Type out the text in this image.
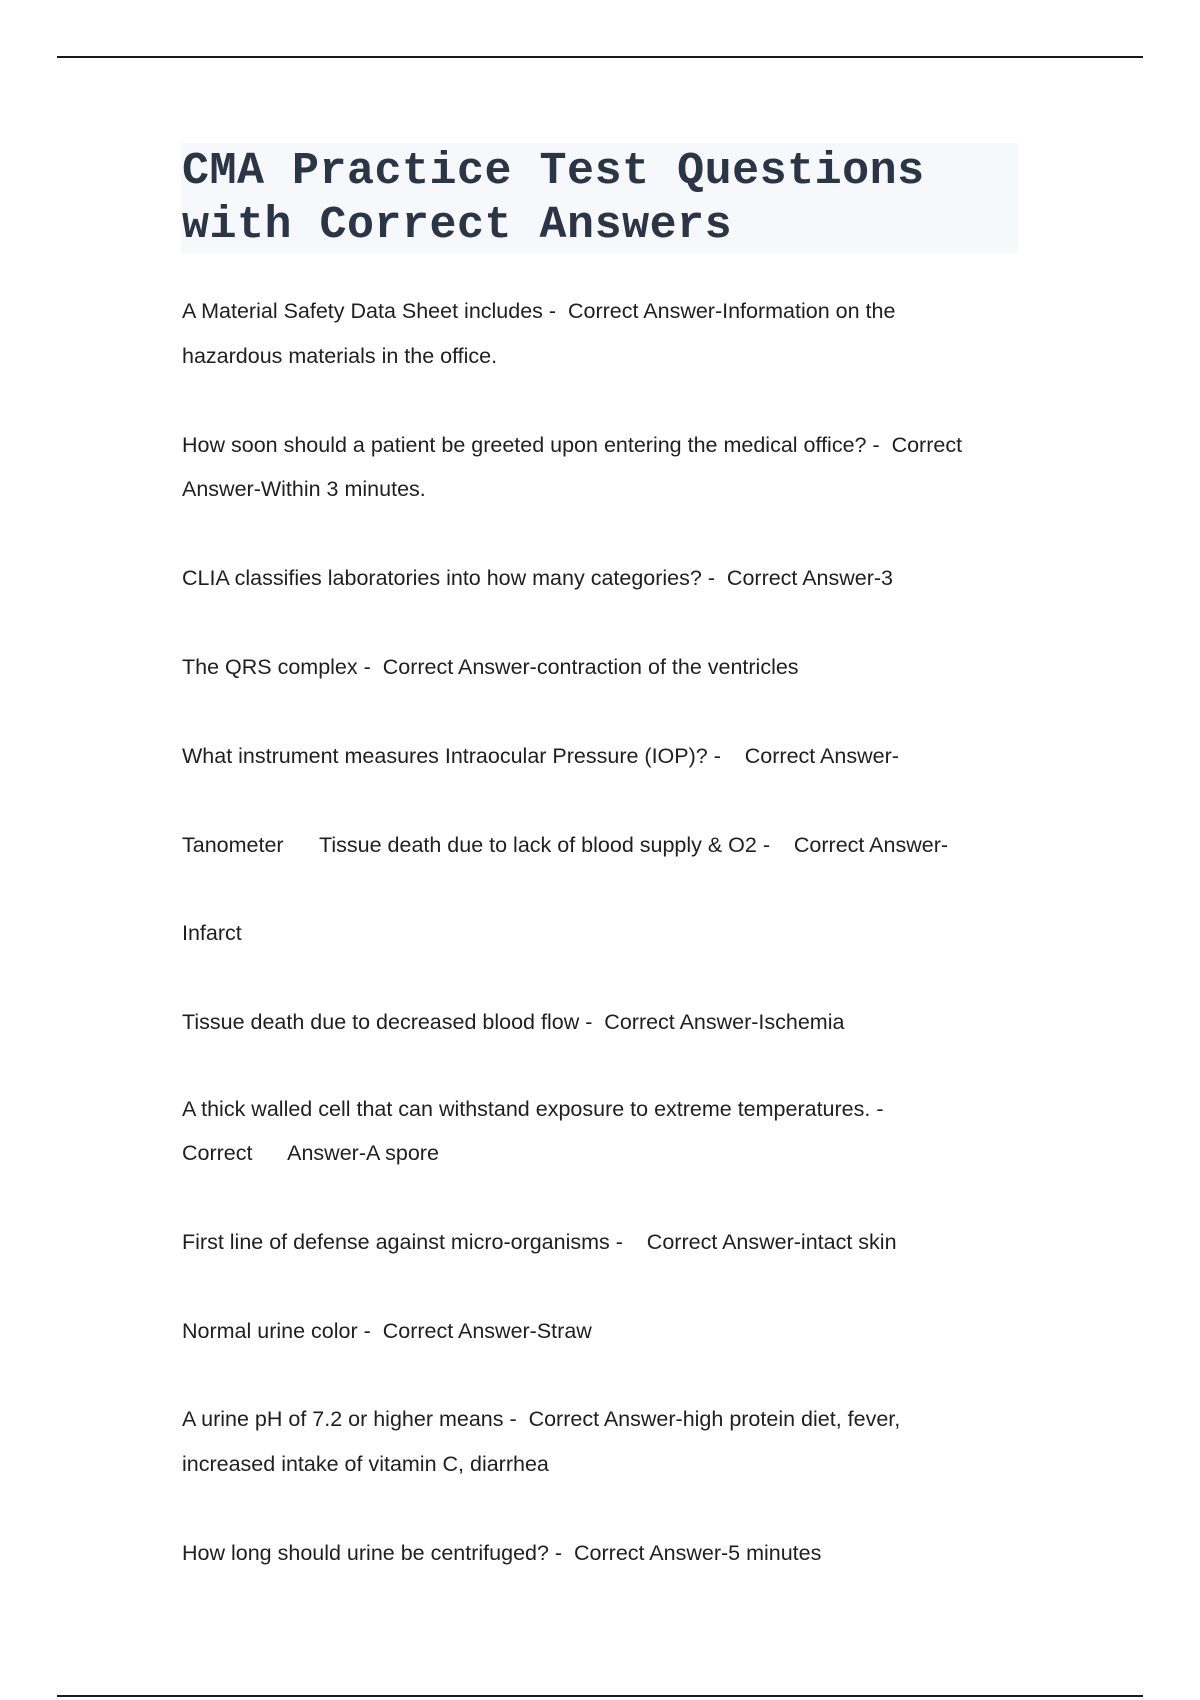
CMA Practice Test Questions
with Correct Answers
A Material Safety Data Sheet includes -  Correct Answer-Information on the
hazardous materials in the office.
How soon should a patient be greeted upon entering the medical office? -  Correct
Answer-Within 3 minutes.
CLIA classifies laboratories into how many categories? -  Correct Answer-3
The QRS complex -  Correct Answer-contraction of the ventricles
What instrument measures Intraocular Pressure (IOP)? -    Correct Answer-
Tanometer      Tissue death due to lack of blood supply & O2 -    Correct Answer-
Infarct
Tissue death due to decreased blood flow -  Correct Answer-Ischemia
A thick walled cell that can withstand exposure to extreme temperatures. -
Correct      Answer-A spore
First line of defense against micro-organisms -    Correct Answer-intact skin
Normal urine color -  Correct Answer-Straw
A urine pH of 7.2 or higher means -  Correct Answer-high protein diet, fever,
increased intake of vitamin C, diarrhea
How long should urine be centrifuged? -  Correct Answer-5 minutes
